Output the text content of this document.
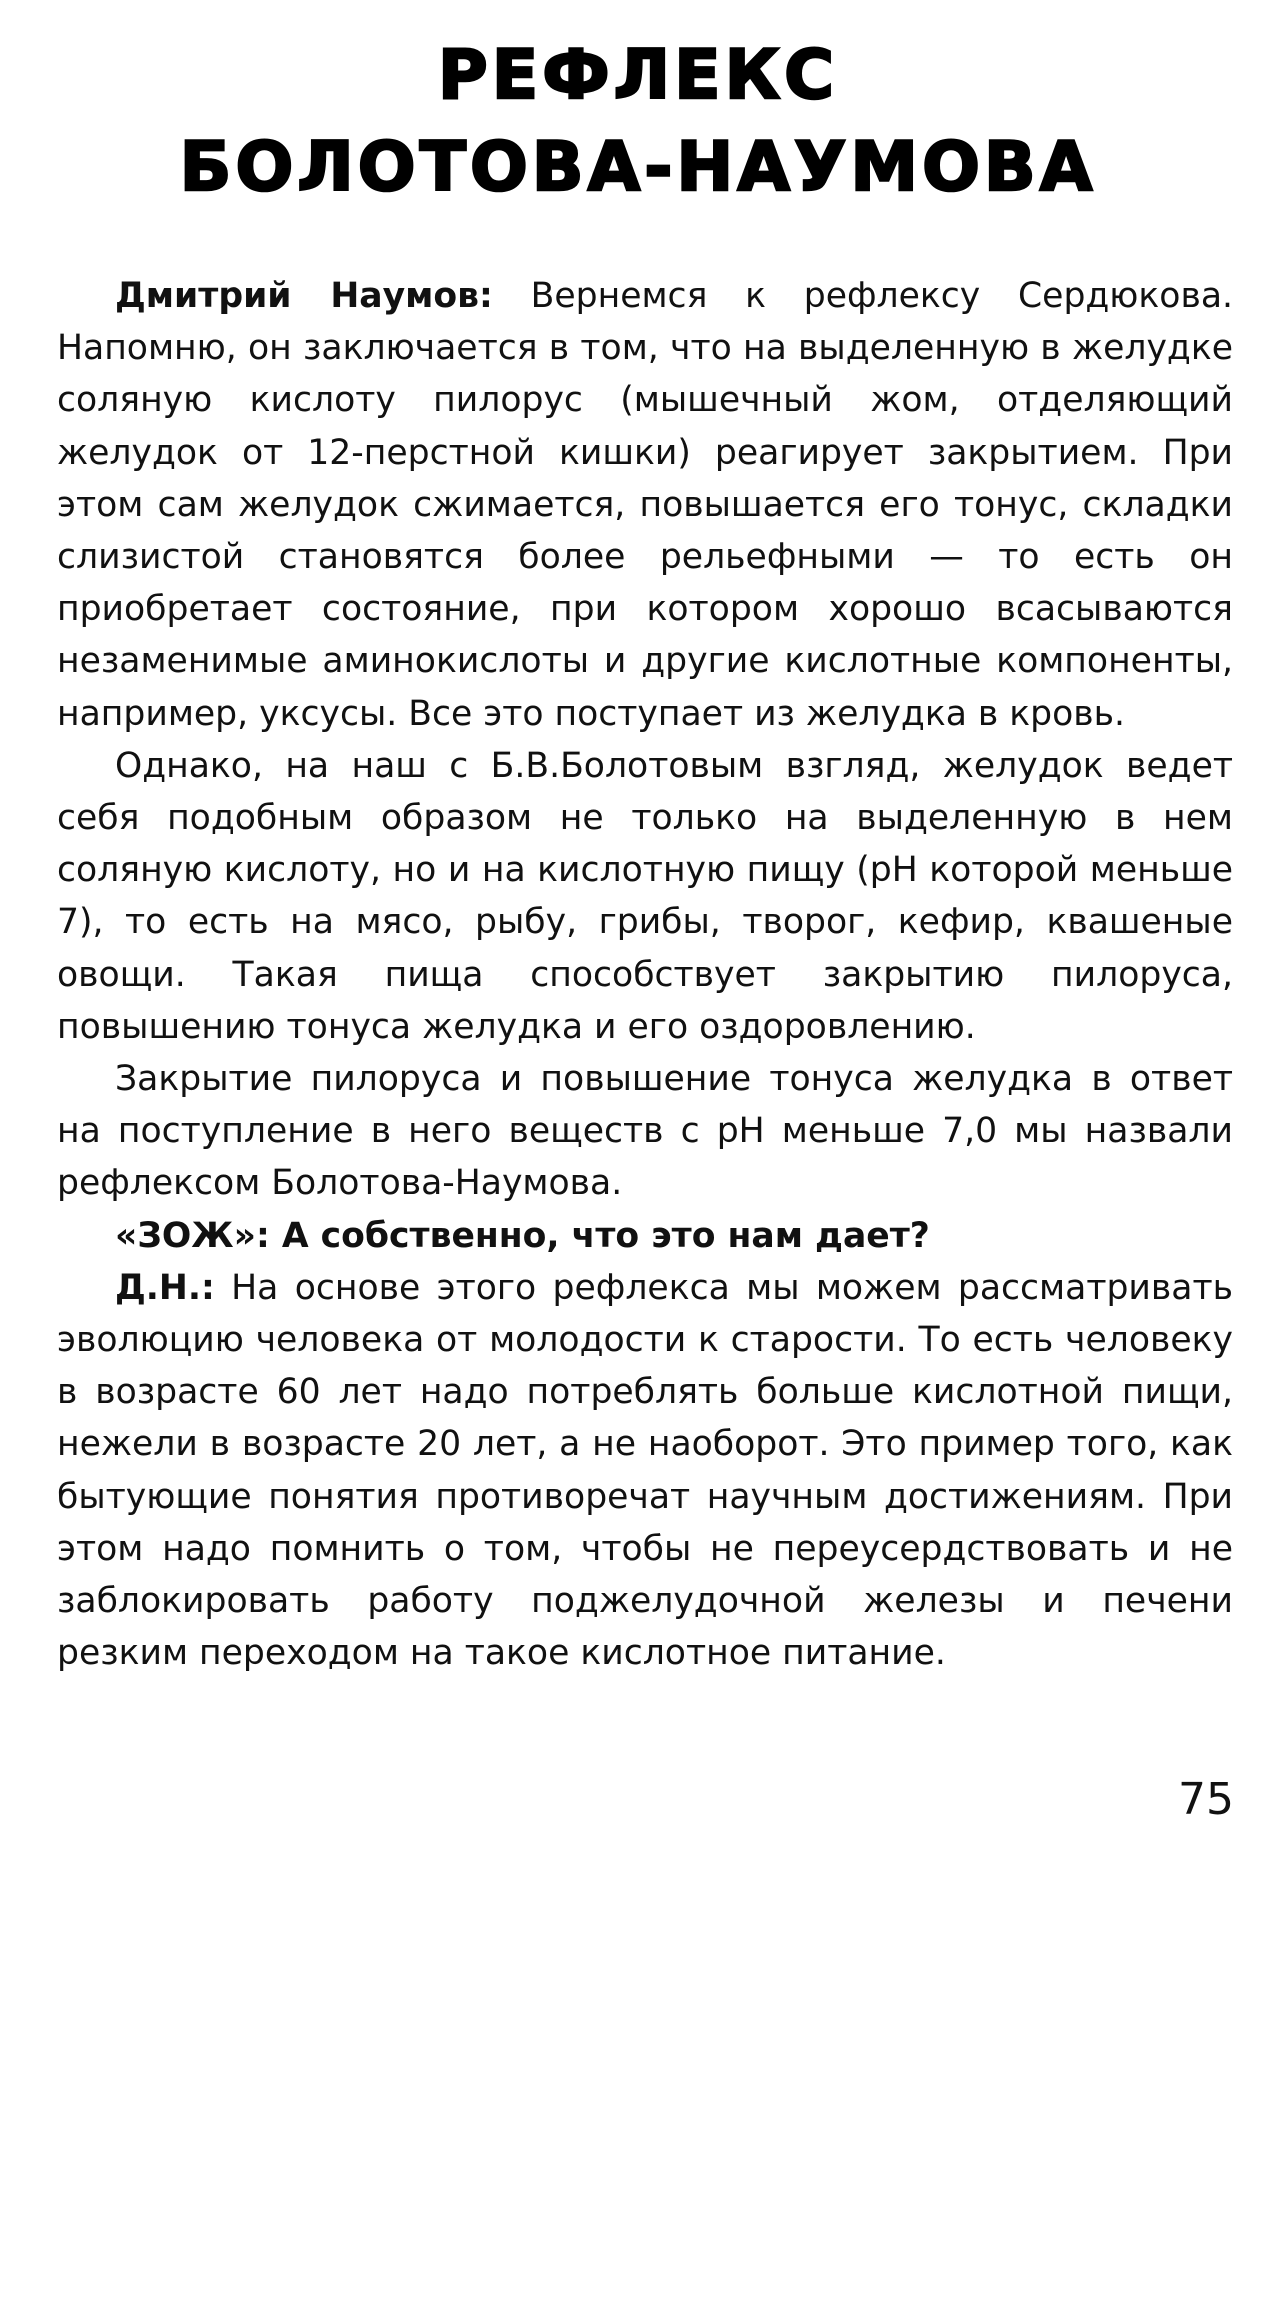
РЕФЛЕКС
БОЛОТОВА-НАУМОВА

Дмитрий Наумов: Вернемся к рефлексу Сердюкова. Напомню, он заключается в том, что на выделенную в желудке соляную кислоту пилорус (мышечный жом, отделяющий желудок от 12-перстной кишки) реагирует закрытием. При этом сам желудок сжимается, повышается его тонус, складки слизистой становятся более рельефными — то есть он приобретает состояние, при котором хорошо всасываются незаменимые аминокислоты и другие кислотные компоненты, например, уксусы. Все это поступает из желудка в кровь.

Однако, на наш с Б.В.Болотовым взгляд, желудок ведет себя подобным образом не только на выделенную в нем соляную кислоту, но и на кислотную пищу (рН которой меньше 7), то есть на мясо, рыбу, грибы, творог, кефир, квашеные овощи. Такая пища способствует закрытию пилоруса, повышению тонуса желудка и его оздоровлению.

Закрытие пилоруса и повышение тонуса желудка в ответ на поступление в него веществ с рН меньше 7,0 мы назвали рефлексом Болотова-Наумова.

«ЗОЖ»: А собственно, что это нам дает?

Д.Н.: На основе этого рефлекса мы можем рассматривать эволюцию человека от молодости к старости. То есть человеку в возрасте 60 лет надо потреблять больше кислотной пищи, нежели в возрасте 20 лет, а не наоборот. Это пример того, как бытующие понятия противоречат научным достижениям. При этом надо помнить о том, чтобы не переусердствовать и не заблокировать работу поджелудочной железы и печени резким переходом на такое кислотное питание.

75
